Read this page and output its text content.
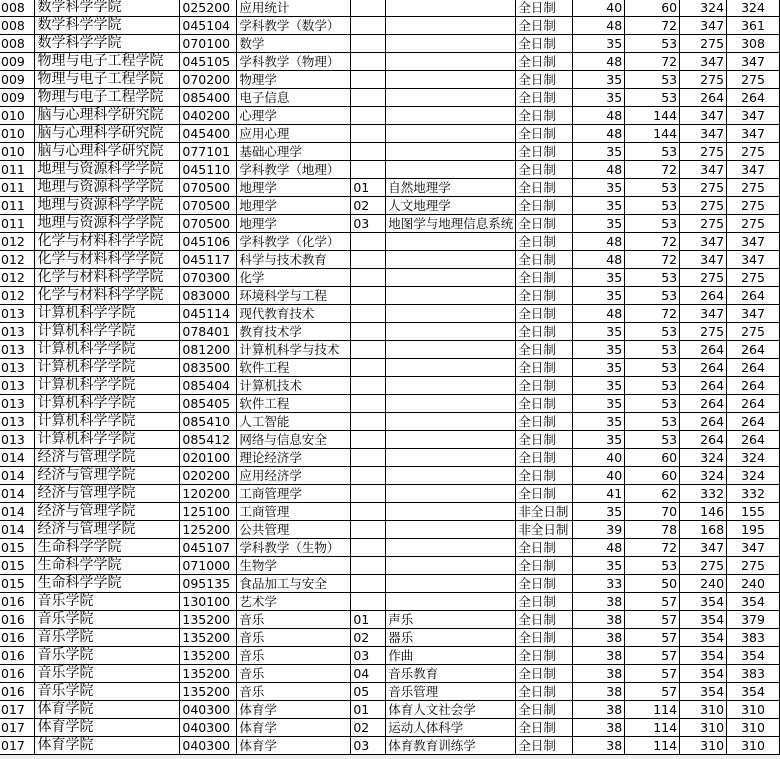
008	数学科学学院	025200	应用统计			全日制	40	60	324	324
008	数学科学学院	045104	学科教学（数学）			全日制	48	72	347	361
008	数学科学学院	070100	数学			全日制	35	53	275	308
009	物理与电子工程学院	045105	学科教学（物理）			全日制	48	72	347	347
009	物理与电子工程学院	070200	物理学			全日制	35	53	275	275
009	物理与电子工程学院	085400	电子信息			全日制	35	53	264	264
010	脑与心理科学研究院	040200	心理学			全日制	48	144	347	347
010	脑与心理科学研究院	045400	应用心理			全日制	48	144	347	347
010	脑与心理科学研究院	077101	基础心理学			全日制	35	53	275	275
011	地理与资源科学学院	045110	学科教学（地理）			全日制	48	72	347	347
011	地理与资源科学学院	070500	地理学	01	自然地理学	全日制	35	53	275	275
011	地理与资源科学学院	070500	地理学	02	人文地理学	全日制	35	53	275	275
011	地理与资源科学学院	070500	地理学	03	地图学与地理信息系统	全日制	35	53	275	275
012	化学与材料科学学院	045106	学科教学（化学）			全日制	48	72	347	347
012	化学与材料科学学院	045117	科学与技术教育			全日制	48	72	347	347
012	化学与材料科学学院	070300	化学			全日制	35	53	275	275
012	化学与材料科学学院	083000	环境科学与工程			全日制	35	53	264	264
013	计算机科学学院	045114	现代教育技术			全日制	48	72	347	347
013	计算机科学学院	078401	教育技术学			全日制	35	53	275	275
013	计算机科学学院	081200	计算机科学与技术			全日制	35	53	264	264
013	计算机科学学院	083500	软件工程			全日制	35	53	264	264
013	计算机科学学院	085404	计算机技术			全日制	35	53	264	264
013	计算机科学学院	085405	软件工程			全日制	35	53	264	264
013	计算机科学学院	085410	人工智能			全日制	35	53	264	264
013	计算机科学学院	085412	网络与信息安全			全日制	35	53	264	264
014	经济与管理学院	020100	理论经济学			全日制	40	60	324	324
014	经济与管理学院	020200	应用经济学			全日制	40	60	324	324
014	经济与管理学院	120200	工商管理学			全日制	41	62	332	332
014	经济与管理学院	125100	工商管理			非全日制	35	70	146	155
014	经济与管理学院	125200	公共管理			非全日制	39	78	168	195
015	生命科学学院	045107	学科教学（生物）			全日制	48	72	347	347
015	生命科学学院	071000	生物学			全日制	35	53	275	275
015	生命科学学院	095135	食品加工与安全			全日制	33	50	240	240
016	音乐学院	130100	艺术学			全日制	38	57	354	354
016	音乐学院	135200	音乐	01	声乐	全日制	38	57	354	379
016	音乐学院	135200	音乐	02	器乐	全日制	38	57	354	383
016	音乐学院	135200	音乐	03	作曲	全日制	38	57	354	354
016	音乐学院	135200	音乐	04	音乐教育	全日制	38	57	354	383
016	音乐学院	135200	音乐	05	音乐管理	全日制	38	57	354	354
017	体育学院	040300	体育学	01	体育人文社会学	全日制	38	114	310	310
017	体育学院	040300	体育学	02	运动人体科学	全日制	38	114	310	310
017	体育学院	040300	体育学	03	体育教育训练学	全日制	38	114	310	310
